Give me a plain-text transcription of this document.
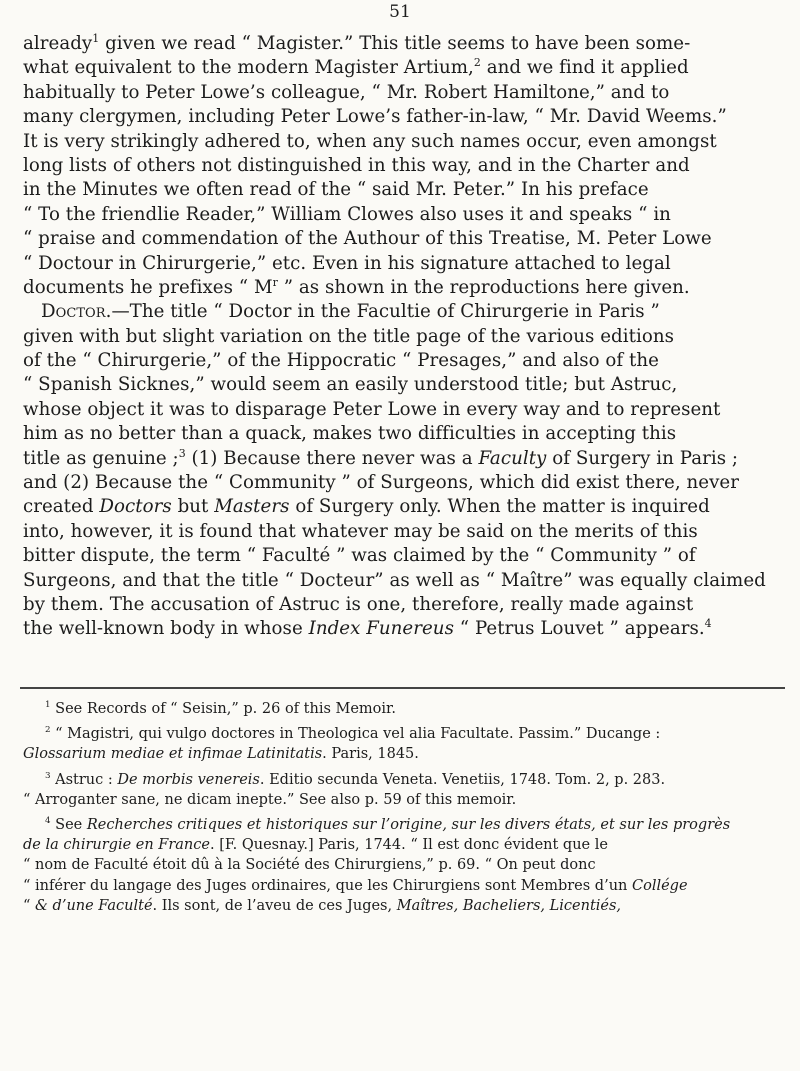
51
already$^1$ given we read “ Magister.” This title seems to have been some-
what equivalent to the modern Magister Artium,$^2$ and we find it applied
habitually to Peter Lowe’s colleague, “ Mr. Robert Hamiltone,” and to
many clergymen, including Peter Lowe’s father-in-law, “ Mr. David Weems.”
It is very strikingly adhered to, when any such names occur, even amongst
long lists of others not distinguished in this way, and in the Charter and
in the Minutes we often read of the “ said Mr. Peter.” In his preface
“ To the friendlie Reader,” William Clowes also uses it and speaks “ in
“ praise and commendation of the Authour of this Treatise, M. Peter Lowe
“ Doctour in Chirurgerie,” etc. Even in his signature attached to legal
documents he prefixes “ $M^r$ ” as shown in the reproductions here given.
Doctor.—The title “ Doctor in the Facultie of Chirurgerie in Paris ”
given with but slight variation on the title page of the various editions
of the “ Chirurgerie,” of the Hippocratic “ Presages,” and also of the
“ Spanish Sicknes,” would seem an easily understood title; but Astruc,
whose object it was to disparage Peter Lowe in every way and to represent
him as no better than a quack, makes two difficulties in accepting this
title as genuine ;$^3$ (1) Because there never was a Faculty of Surgery in Paris ;
and (2) Because the “ Community ” of Surgeons, which did exist there, never
created Doctors but Masters of Surgery only. When the matter is inquired
into, however, it is found that whatever may be said on the merits of this
bitter dispute, the term “ Faculté ” was claimed by the “ Community ” of
Surgeons, and that the title “ Docteur” as well as “ Maître” was equally claimed
by them. The accusation of Astruc is one, therefore, really made against
the well-known body in whose Index Funereus “ Petrus Louvet ” appears.$^4$
$^1$ See Records of “ Seisin,” p. 26 of this Memoir.
$^2$ “ Magistri, qui vulgo doctores in Theologica vel alia Facultate. Passim.” Ducange :
Glossarium mediae et infimae Latinitatis. Paris, 1845.
$^3$ Astruc : De morbis venereis. Editio secunda Veneta. Venetiis, 1748. Tom. 2, p. 283.
“ Arroganter sane, ne dicam inepte.” See also p. 59 of this memoir.
$^4$ See Recherches critiques et historiques sur l’origine, sur les divers états, et sur les progrès
de la chirurgie en France. [F. Quesnay.] Paris, 1744. “ Il est donc évident que le
“ nom de Faculté étoit dû à la Société des Chirurgiens,” p. 69. “ On peut donc
“ inférer du langage des Juges ordinaires, que les Chirurgiens sont Membres d’un Collége
“ & d’une Faculté. Ils sont, de l’aveu de ces Juges, Maîtres, Bacheliers, Licentiés,
